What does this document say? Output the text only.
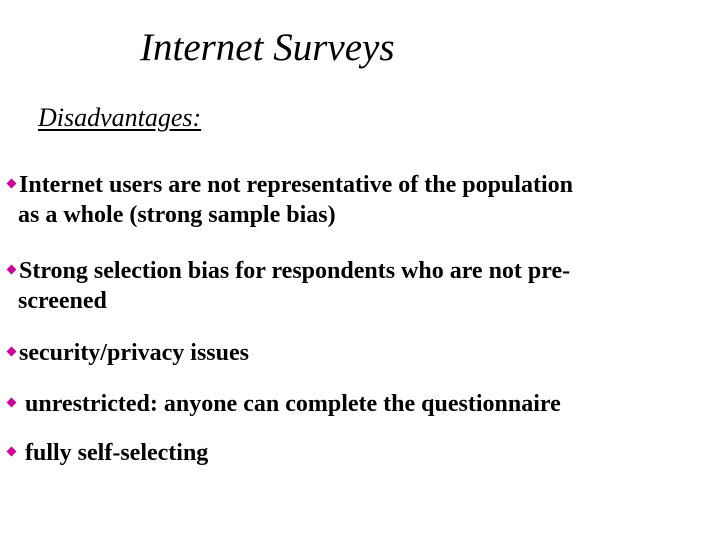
Internet Surveys
Disadvantages:
Internet users are not representative of the population
as a whole (strong sample bias)
Strong selection bias for respondents who are not pre-
screened
security/privacy issues
unrestricted: anyone can complete the questionnaire
fully self-selecting
